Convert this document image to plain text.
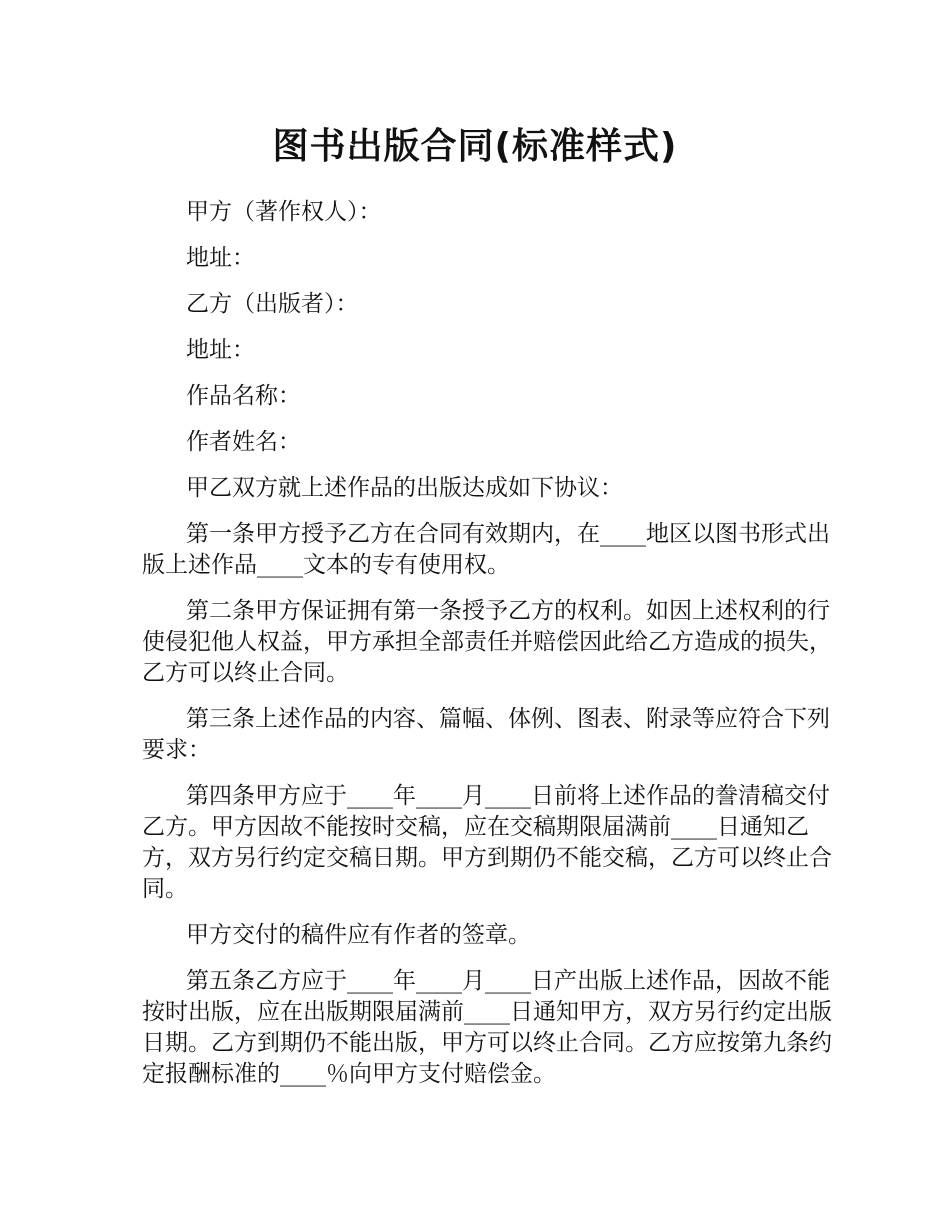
图书出版合同(标准样式)

甲方（著作权人）：

地址：

乙方（出版者）：

地址：

作品名称：

作者姓名：

甲乙双方就上述作品的出版达成如下协议：

第一条甲方授予乙方在合同有效期内，在____地区以图书形式出版上述作品____文本的专有使用权。

第二条甲方保证拥有第一条授予乙方的权利。如因上述权利的行使侵犯他人权益，甲方承担全部责任并赔偿因此给乙方造成的损失，乙方可以终止合同。

第三条上述作品的内容、篇幅、体例、图表、附录等应符合下列要求：

第四条甲方应于____年____月____日前将上述作品的誊清稿交付乙方。甲方因故不能按时交稿，应在交稿期限届满前____日通知乙方，双方另行约定交稿日期。甲方到期仍不能交稿，乙方可以终止合同。

甲方交付的稿件应有作者的签章。

第五条乙方应于____年____月____日产出版上述作品，因故不能按时出版，应在出版期限届满前____日通知甲方，双方另行约定出版日期。乙方到期仍不能出版，甲方可以终止合同。乙方应按第九条约定报酬标准的____％向甲方支付赔偿金。
